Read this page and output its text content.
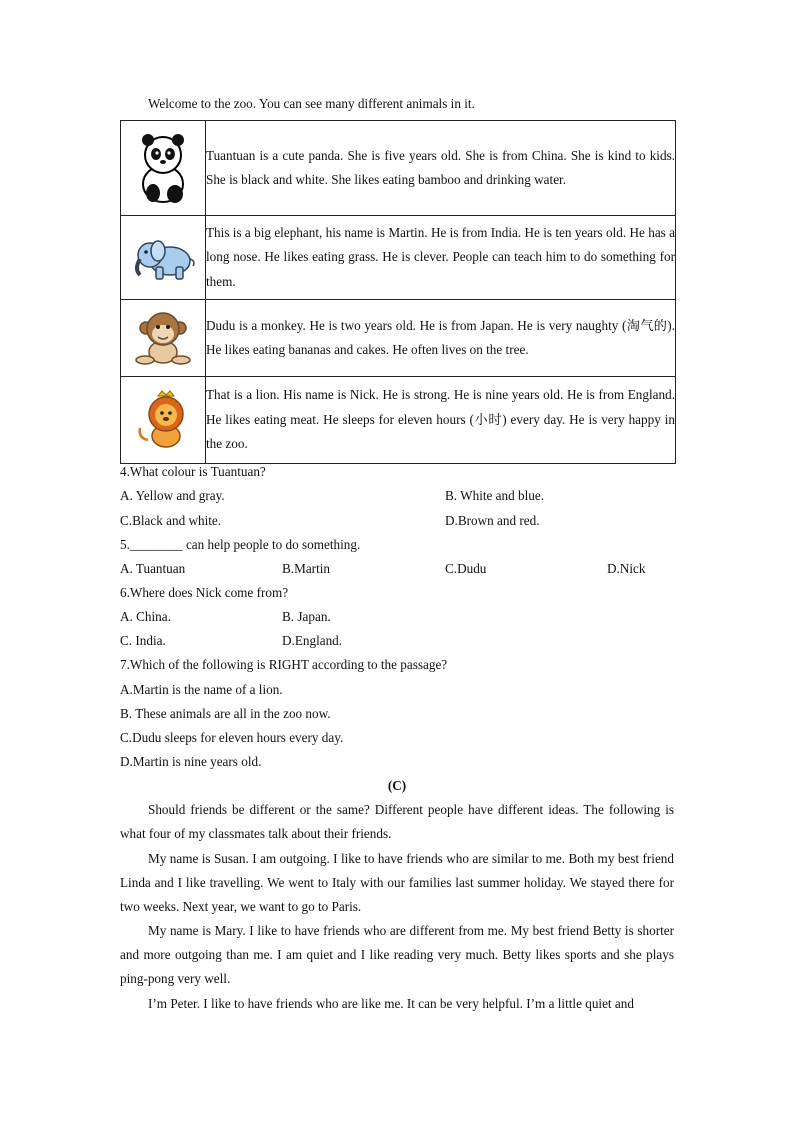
Welcome to the zoo. You can see many different animals in it.
	Tuantuan is a cute panda. She is five years old. She is from China. She is kind to kids. She is black and white. She likes eating bamboo and drinking water.

	This is a big elephant, his name is Martin. He is from India. He is ten years old. He has a long nose. He likes eating grass. He is clever. People can teach him to do something for them.

	Dudu is a monkey. He is two years old. He is from Japan. He is very naughty (淘气的). He likes eating bananas and cakes. He often lives on the tree.

	That is a lion. His name is Nick. He is strong. He is nine years old. He is from England. He likes eating meat. He sleeps for eleven hours (小时) every day. He is very happy in the zoo.
4.What colour is Tuantuan?
A. Yellow and gray.	B. White and blue.
C.Black and white.	D.Brown and red.
5.________ can help people to do something.
A. Tuantuan	B.Martin	C.Dudu	D.Nick
6.Where does Nick come from?
A. China.	B. Japan.
C. India.	D.England.
7.Which of the following is RIGHT according to the passage?
A.Martin is the name of a lion.
B. These animals are all in the zoo now.
C.Dudu sleeps for eleven hours every day.
D.Martin is nine years old.
(C)
Should friends be different or the same? Different people have different ideas. The following is what four of my classmates talk about their friends.
My name is Susan. I am outgoing. I like to have friends who are similar to me. Both my best friend Linda and I like travelling. We went to Italy with our families last summer holiday. We stayed there for two weeks. Next year, we want to go to Paris.
My name is Mary. I like to have friends who are different from me. My best friend Betty is shorter and more outgoing than me. I am quiet and I like reading very much. Betty likes sports and she plays ping-pong very well.
I’m Peter. I like to have friends who are like me. It can be very helpful. I’m a little quiet and
